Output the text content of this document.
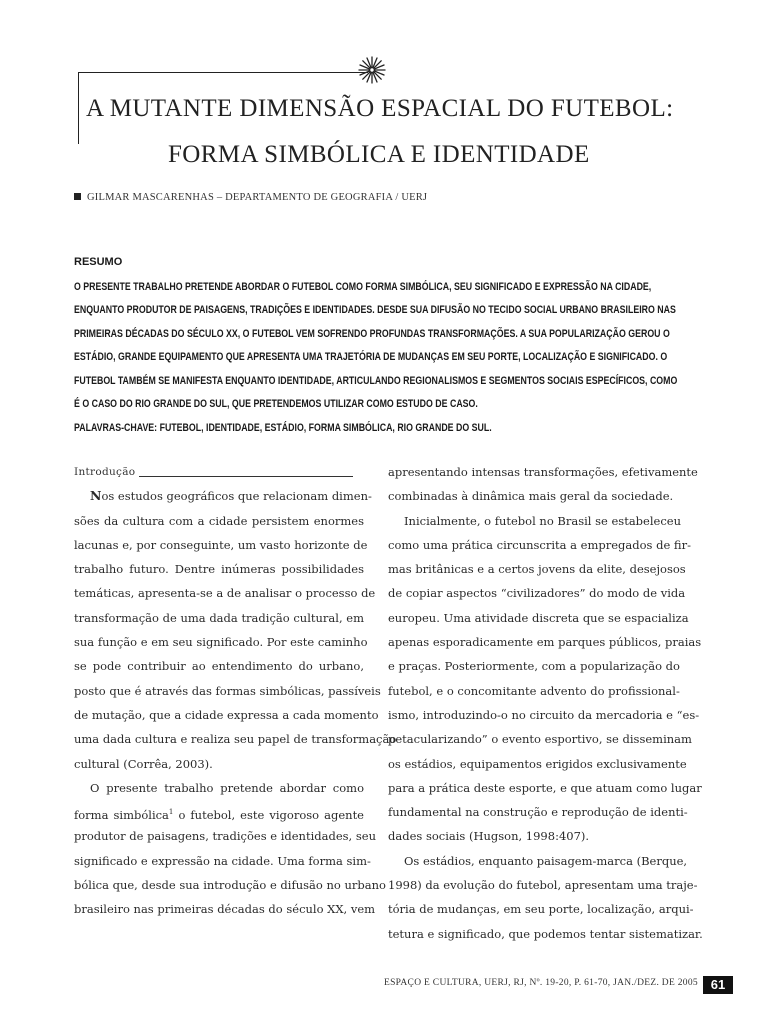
A MUTANTE DIMENSÃO ESPACIAL DO FUTEBOL:
FORMA SIMBÓLICA E IDENTIDADE
GILMAR MASCARENHAS – DEPARTAMENTO DE GEOGRAFIA / UERJ
RESUMO
O PRESENTE TRABALHO PRETENDE ABORDAR O FUTEBOL COMO FORMA SIMBÓLICA, SEU SIGNIFICADO E EXPRESSÃO NA CIDADE,
ENQUANTO PRODUTOR DE PAISAGENS, TRADIÇÕES E IDENTIDADES. DESDE SUA DIFUSÃO NO TECIDO SOCIAL URBANO BRASILEIRO NAS
PRIMEIRAS DÉCADAS DO SÉCULO XX, O FUTEBOL VEM SOFRENDO PROFUNDAS TRANSFORMAÇÕES. A SUA POPULARIZAÇÃO GEROU O
ESTÁDIO, GRANDE EQUIPAMENTO QUE APRESENTA UMA TRAJETÓRIA DE MUDANÇAS EM SEU PORTE, LOCALIZAÇÃO E SIGNIFICADO. O
FUTEBOL TAMBÉM SE MANIFESTA ENQUANTO IDENTIDADE, ARTICULANDO REGIONALISMOS E SEGMENTOS SOCIAIS ESPECÍFICOS, COMO
É O CASO DO RIO GRANDE DO SUL, QUE PRETENDEMOS UTILIZAR COMO ESTUDO DE CASO.
PALAVRAS-CHAVE: FUTEBOL, IDENTIDADE, ESTÁDIO, FORMA SIMBÓLICA, RIO GRANDE DO SUL.
Introdução
Nos estudos geográficos que relacionam dimen-
sões da cultura com a cidade persistem enormes
lacunas e, por conseguinte, um vasto horizonte de
trabalho futuro. Dentre inúmeras possibilidades
temáticas, apresenta-se a de analisar o processo de
transformação de uma dada tradição cultural, em
sua função e em seu significado. Por este caminho
se pode contribuir ao entendimento do urbano,
posto que é através das formas simbólicas, passíveis
de mutação, que a cidade expressa a cada momento
uma dada cultura e realiza seu papel de transformação
cultural (Corrêa, 2003).
O presente trabalho pretende abordar como
forma simbólica$^1$ o futebol, este vigoroso agente
produtor de paisagens, tradições e identidades, seu
significado e expressão na cidade. Uma forma sim-
bólica que, desde sua introdução e difusão no urbano
brasileiro nas primeiras décadas do século XX, vem
apresentando intensas transformações, efetivamente
combinadas à dinâmica mais geral da sociedade.
Inicialmente, o futebol no Brasil se estabeleceu
como uma prática circunscrita a empregados de fir-
mas britânicas e a certos jovens da elite, desejosos
de copiar aspectos “civilizadores” do modo de vida
europeu. Uma atividade discreta que se espacializa
apenas esporadicamente em parques públicos, praias
e praças. Posteriormente, com a popularização do
futebol, e o concomitante advento do profissional-
ismo, introduzindo-o no circuito da mercadoria e “es-
petacularizando” o evento esportivo, se disseminam
os estádios, equipamentos erigidos exclusivamente
para a prática deste esporte, e que atuam como lugar
fundamental na construção e reprodução de identi-
dades sociais (Hugson, 1998:407).
Os estádios, enquanto paisagem-marca (Berque,
1998) da evolução do futebol, apresentam uma traje-
tória de mudanças, em seu porte, localização, arqui-
tetura e significado, que podemos tentar sistematizar.
ESPAÇO E CULTURA, UERJ, RJ, Nº. 19-20, P. 61-70, JAN./DEZ. DE 2005 61
